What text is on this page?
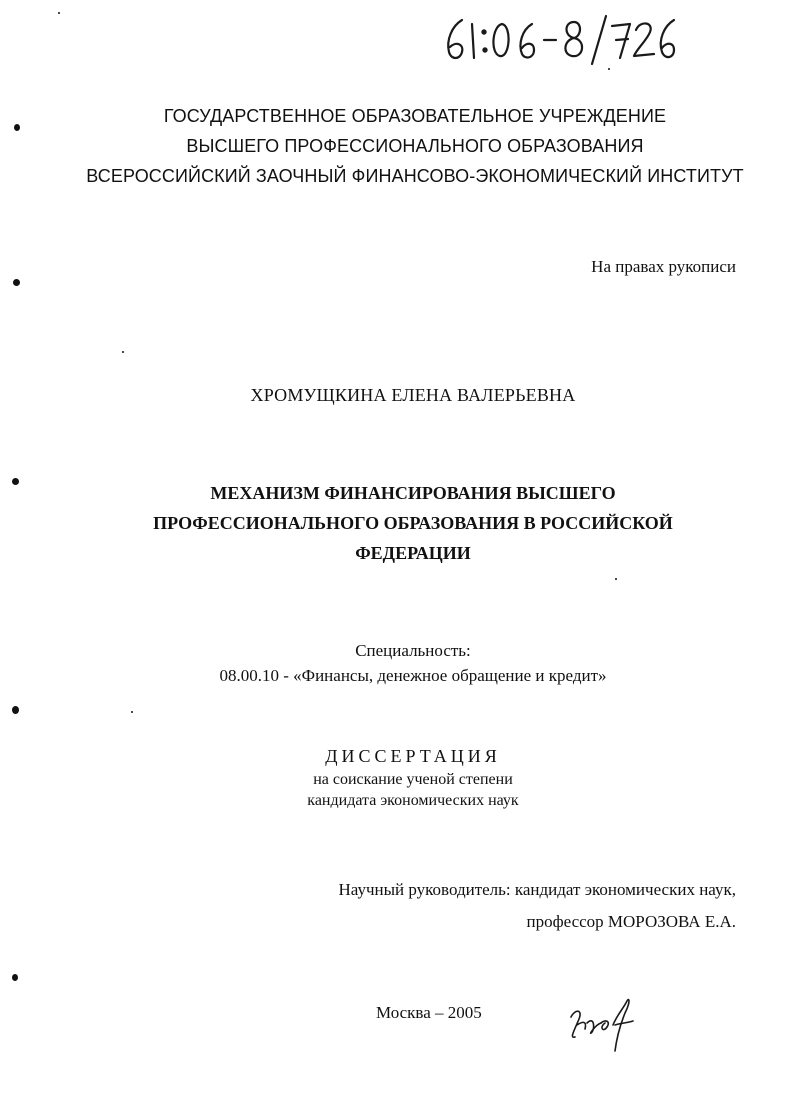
ГОСУДАРСТВЕННОЕ ОБРАЗОВАТЕЛЬНОЕ УЧРЕЖДЕНИЕ
ВЫСШЕГО ПРОФЕССИОНАЛЬНОГО ОБРАЗОВАНИЯ
ВСЕРОССИЙСКИЙ ЗАОЧНЫЙ ФИНАНСОВО-ЭКОНОМИЧЕСКИЙ ИНСТИТУТ
На правах рукописи
ХРОМУЩКИНА ЕЛЕНА ВАЛЕРЬЕВНА
МЕХАНИЗМ ФИНАНСИРОВАНИЯ ВЫСШЕГО
ПРОФЕССИОНАЛЬНОГО ОБРАЗОВАНИЯ В РОССИЙСКОЙ
ФЕДЕРАЦИИ
Специальность:
08.00.10 - «Финансы, денежное обращение и кредит»
ДИССЕРТАЦИЯ
на соискание ученой степени
кандидата экономических наук
Научный руководитель: кандидат экономических наук,
профессор МОРОЗОВА Е.А.
Москва – 2005
